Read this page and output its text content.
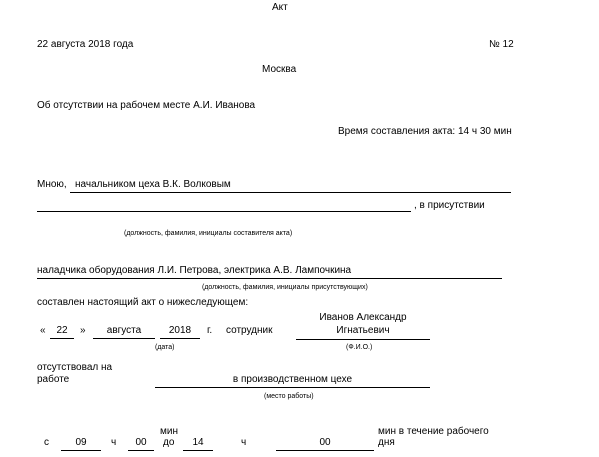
Акт
22 августа 2018 года	№ 12
Москва
Об отсутствии на рабочем месте А.И. Иванова
Время составления акта: 14 ч 30 мин
Мною, начальником цеха В.К. Волковым
, в присутствии
(должность, фамилия, инициалы составителя акта)
наладчика оборудования Л.И. Петрова, электрика А.В. Лампочкина
(должность, фамилия, инициалы присутствующих)
составлен настоящий акт о нижеследующем:
«	22	»	августа	2018	г. сотрудник
Иванов Александр
Игнатьевич
(дата)	(Ф.И.О.)
отсутствовал на
работе	в производственном цехе
(место работы)
мин	мин в течение рабочего
с	09	ч	00	до	14	ч	00	дня
